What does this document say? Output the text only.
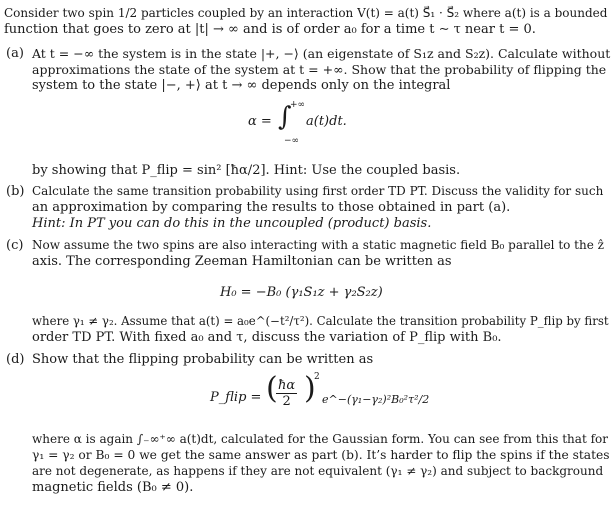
Consider two spin 1/2 particles coupled by an interaction V(t) = a(t) S⃗₁ · S⃗₂ where a(t) is a bounded
function that goes to zero at |t| → ∞ and is of order a₀ for a time t ∼ τ near t = 0.
(a) At t = −∞ the system is in the state |+, −⟩ (an eigenstate of S₁z and S₂z). Calculate without
approximations the state of the system at t = +∞. Show that the probability of flipping the
system to the state |−, +⟩ at t → ∞ depends only on the integral
α = ∫
+∞
−∞
a(t)dt.
by showing that P_flip = sin² [ħα/2]. Hint: Use the coupled basis.
(b) Calculate the same transition probability using first order TD PT. Discuss the validity for such
an approximation by comparing the results to those obtained in part (a).
Hint: In PT you can do this in the uncoupled (product) basis.
(c) Now assume the two spins are also interacting with a static magnetic field B₀ parallel to the ẑ
axis. The corresponding Zeeman Hamiltonian can be written as
H₀ = −B₀ (γ₁S₁z + γ₂S₂z)
where γ₁ ≠ γ₂. Assume that a(t) = a₀e^(−t²/τ²). Calculate the transition probability P_flip by first
order TD PT. With fixed a₀ and τ, discuss the variation of P_flip with B₀.
(d) Show that the flipping probability can be written as
P_flip = (
$\frac{ħ\alpha}{2}$ )
2
e^−(γ₁−γ₂)²B₀²τ²/2
where α is again ∫₋∞⁺∞ a(t)dt, calculated for the Gaussian form. You can see from this that for
γ₁ = γ₂ or B₀ = 0 we get the same answer as part (b). It’s harder to flip the spins if the states
are not degenerate, as happens if they are not equivalent (γ₁ ≠ γ₂) and subject to background
magnetic fields (B₀ ≠ 0).
